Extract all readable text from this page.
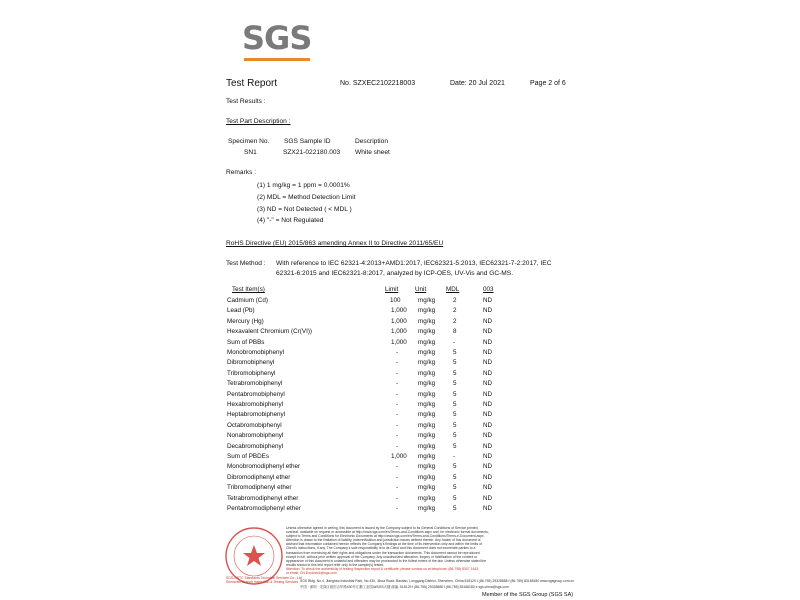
SGS
Test Report	No. SZXEC2102218003	Date: 20 Jul 2021	Page 2 of 6
Test Results :
Test Part Description :
Specimen No. SGS Sample ID	Description
SN1	SZX21-022180.003 White sheet
Remarks :
(1) 1 mg/kg = 1 ppm = 0.0001%
(2) MDL = Method Detection Limit
(3) ND = Not Detected ( < MDL )
(4) "-" = Not Regulated
RoHS Directive (EU) 2015/863 amending Annex II to Directive 2011/65/EU
Test Method : With reference to IEC 62321-4:2013+AMD1:2017, IEC62321-5:2013, IEC62321-7-2:2017, IEC
62321-6:2015 and IEC62321-8:2017, analyzed by ICP-OES, UV-Vis and GC-MS.
Test Item(s)	Limit	Unit	MDL	003
Cadmium (Cd)	100	mg/kg	2	ND
Lead (Pb)	1,000 mg/kg	2	ND
Mercury (Hg)	1,000 mg/kg	2	ND
Hexavalent Chromium (Cr(VI))	1,000 mg/kg	8	ND
Sum of PBBs	1,000 mg/kg	-	ND
Monobromobiphenyl	-	mg/kg	5	ND
Dibromobiphenyl	-	mg/kg	5	ND
Tribromobiphenyl	-	mg/kg	5	ND
Tetrabromobiphenyl	-	mg/kg	5	ND
Pentabromobiphenyl	-	mg/kg	5	ND
Hexabromobiphenyl	-	mg/kg	5	ND
Heptabromobiphenyl	-	mg/kg	5	ND
Octabromobiphenyl	-	mg/kg	5	ND
Nonabromobiphenyl	-	mg/kg	5	ND
Decabromobiphenyl	-	mg/kg	5	ND
Sum of PBDEs	1,000 mg/kg	-	ND
Monobromodiphenyl ether	-	mg/kg	5	ND
Dibromodiphenyl ether	-	mg/kg	5	ND
Tribromodiphenyl ether	-	mg/kg	5	ND
Tetrabromodiphenyl ether	-	mg/kg	5	ND
Pentabromodiphenyl ether	-	mg/kg	5	ND
Unless otherwise agreed in writing, this document is issued by the Company subject to its General Conditions of Service printed
overleaf, available on request or accessible at http://www.sgs.com/en/Terms-and-Conditions.aspx and, for electronic format documents,
subject to Terms and Conditions for Electronic Documents at http://www.sgs.com/en/Terms-and-Conditions/Terms-e-Document.aspx.
Attention is drawn to the limitation of liability, indemnification and jurisdiction issues defined therein. Any holder of this document is
advised that information contained hereon reflects the Company's findings at the time of its intervention only and within the limits of
Client's instructions, if any. The Company's sole responsibility is to its Client and this document does not exonerate parties to a
transaction from exercising all their rights and obligations under the transaction documents. This document cannot be reproduced
except in full, without prior written approval of the Company. Any unauthorized alteration, forgery or falsification of the content or
appearance of this document is unlawful and offenders may be prosecuted to the fullest extent of the law. Unless otherwise stated the
results shown in this test report refer only to the sample(s) tested.
Attention: To check the authenticity of testing /inspection report & certificate, please contact us at telephone: (86-755) 8307 1443,
or email: CN.Doccheck@sgs.com
SGS-CSTC Standards Technical Services Co., Ltd.
Shenzhen Branch Inspection & Testing Services SGS Bldg. No.4, Jianghao Industrial Park, No.430, Jihua Road, Bantian, Longgang District, Shenzhen, China 518129 t (86-755) 25328888 f (86-755) 83168180 www.sgsgroup.com.cn
中国 · 深圳 · 龙岗区坂田吉华路430号江灏工业园4#SGS大楼 邮编: 518129 t (86-755) 25328888 f (86-755) 83168180 e sgs.china@sgs.com
Member of the SGS Group (SGS SA)
